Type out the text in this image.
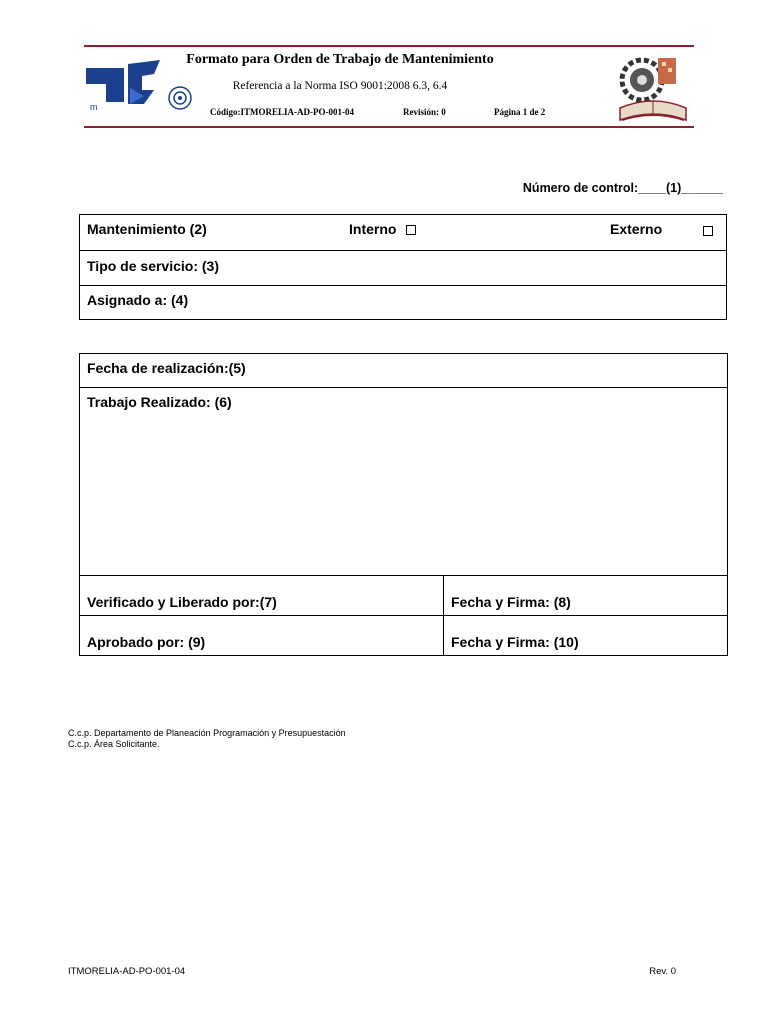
m
Formato para Orden de Trabajo de Mantenimiento
Referencia a la Norma ISO 9001:2008 6.3, 6.4
Código:ITMORELIA-AD-PO-001-04	Revisión: 0	Página 1 de 2
Número de control:____(1)______
Mantenimiento (2)	Interno	Externo

Tipo de servicio: (3)
Asignado a: (4)
Fecha de realización:(5)	
Trabajo Realizado: (6)	
Verificado y Liberado por:(7)	Fecha y Firma: (8)
Aprobado por: (9)	Fecha y Firma: (10)
C.c.p. Departamento de Planeación Programación y Presupuestación
C.c.p. Área Solicitante.
ITMORELIA-AD-PO-001-04	Rev. 0
